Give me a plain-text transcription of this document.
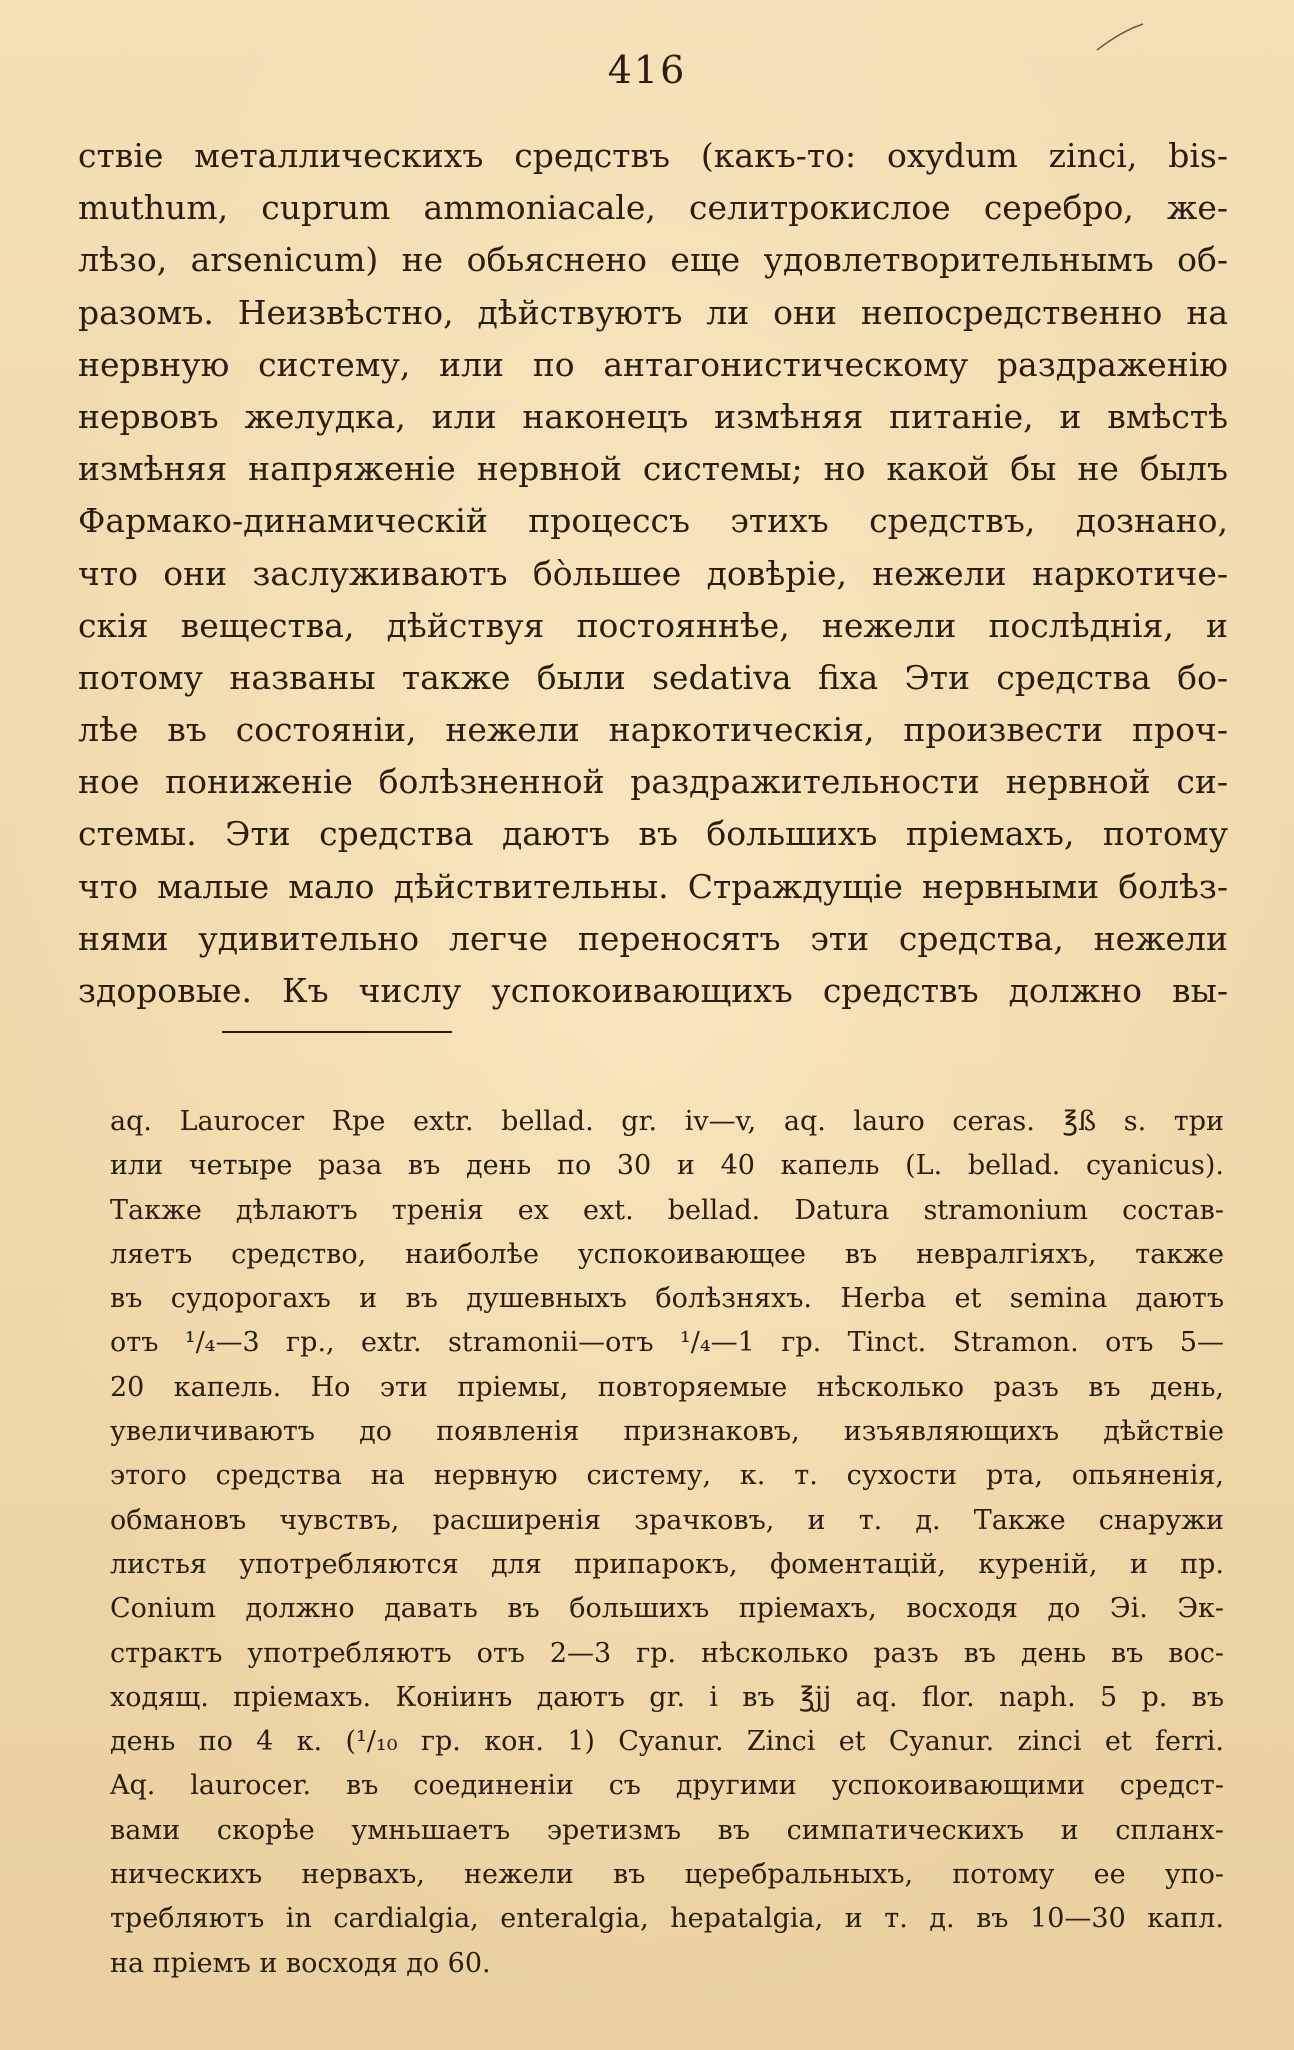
416
ствіе металлическихъ средствъ (какъ-то: oxydum zinci, bis-
muthum, cuprum ammoniacale, селитрокислое серебро, же-
лѣзо, arsenicum) не обьяснено еще удовлетворительнымъ об-
разомъ. Неизвѣстно, дѣйствуютъ ли они непосредственно на
нервную систему, или по антагонистическому раздраженію
нервовъ желудка, или наконецъ измѣняя питаніе, и вмѣстѣ
измѣняя напряженіе нервной системы; но какой бы не былъ
Фармако-динамическій процессъ этихъ средствъ, дознано,
что они заслуживаютъ бо̀льшее довѣріе, нежели наркотиче-
скія вещества, дѣйствуя постояннѣе, нежели послѣднія, и
потому названы также были sedativa fixa Эти средства бо-
лѣе въ состояніи, нежели наркотическія, произвести проч-
ное пониженіе болѣзненной раздражительности нервной си-
стемы. Эти средства даютъ въ большихъ пріемахъ, потому
что малые мало дѣйствительны. Страждущіе нервными болѣз-
нями удивительно легче переносятъ эти средства, нежели
здоровые. Къ числу успокоивающихъ средствъ должно вы-
aq. Laurocer Rpe extr. bellad. gr. iv—v, aq. lauro ceras. ℥ß s. три
или четыре раза въ день по 30 и 40 капель (L. bellad. cyanicus).
Также дѣлаютъ тренія ex ext. bellad. Datura stramonium состав-
ляетъ средство, наиболѣе успокоивающее въ невралгіяхъ, также
въ судорогахъ и въ душевныхъ болѣзняхъ. Herba et semina даютъ
отъ ¹/₄—3 гр., extr. stramonii—отъ ¹/₄—1 гр. Tinct. Stramon. отъ 5—
20 капель. Но эти пріемы, повторяемые нѣсколько разъ въ день,
увеличиваютъ до появленія признаковъ, изъявляющихъ дѣйствіе
этого средства на нервную систему, к. т. сухости рта, опьяненія,
обмановъ чувствъ, расширенія зрачковъ, и т. д. Также снаружи
листья употребляются для припарокъ, фоментацій, куреній, и пр.
Conium должно давать въ большихъ пріемахъ, восходя до Эі. Эк-
страктъ употребляютъ отъ 2—3 гр. нѣсколько разъ въ день въ вос-
ходящ. пріемахъ. Конiинъ даютъ gr. i въ ℥jj aq. flor. naph. 5 р. въ
день по 4 к. (¹/₁₀ гр. кон. 1) Cyanur. Zinci et Cyanur. zinci et ferri.
Aq. laurocer. въ соединеніи съ другими успокоивающими средст-
вами скорѣе умньшаетъ эретизмъ въ симпатическихъ и спланх-
ническихъ нервахъ, нежели въ церебральныхъ, потому ее упо-
требляютъ in cardialgia, enteralgia, hepatalgia, и т. д. въ 10—30 капл.
на пріемъ и восходя до 60.
